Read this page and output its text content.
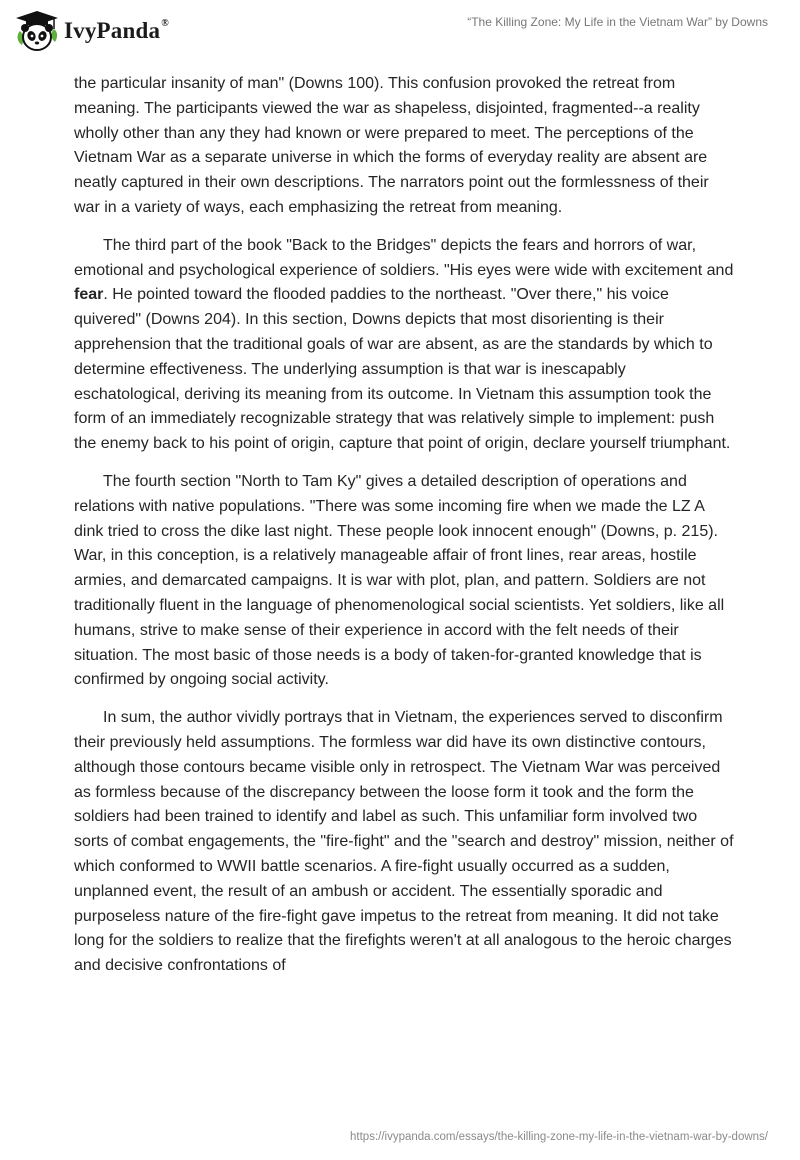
IvyPanda®	“The Killing Zone: My Life in the Vietnam War” by Downs

the particular insanity of man" (Downs 100). This confusion provoked the retreat from meaning. The participants viewed the war as shapeless, disjointed, fragmented--a reality wholly other than any they had known or were prepared to meet. The perceptions of the Vietnam War as a separate universe in which the forms of everyday reality are absent are neatly captured in their own descriptions. The narrators point out the formlessness of their war in a variety of ways, each emphasizing the retreat from meaning.

The third part of the book "Back to the Bridges" depicts the fears and horrors of war, emotional and psychological experience of soldiers. "His eyes were wide with excitement and fear. He pointed toward the flooded paddies to the northeast. "Over there," his voice quivered" (Downs 204). In this section, Downs depicts that most disorienting is their apprehension that the traditional goals of war are absent, as are the standards by which to determine effectiveness. The underlying assumption is that war is inescapably eschatological, deriving its meaning from its outcome. In Vietnam this assumption took the form of an immediately recognizable strategy that was relatively simple to implement: push the enemy back to his point of origin, capture that point of origin, declare yourself triumphant.

The fourth section "North to Tam Ky" gives a detailed description of operations and relations with native populations. "There was some incoming fire when we made the LZ A dink tried to cross the dike last night. These people look innocent enough" (Downs, p. 215). War, in this conception, is a relatively manageable affair of front lines, rear areas, hostile armies, and demarcated campaigns. It is war with plot, plan, and pattern. Soldiers are not traditionally fluent in the language of phenomenological social scientists. Yet soldiers, like all humans, strive to make sense of their experience in accord with the felt needs of their situation. The most basic of those needs is a body of taken-for-granted knowledge that is confirmed by ongoing social activity.

In sum, the author vividly portrays that in Vietnam, the experiences served to disconfirm their previously held assumptions. The formless war did have its own distinctive contours, although those contours became visible only in retrospect. The Vietnam War was perceived as formless because of the discrepancy between the loose form it took and the form the soldiers had been trained to identify and label as such. This unfamiliar form involved two sorts of combat engagements, the "fire-fight" and the "search and destroy" mission, neither of which conformed to WWII battle scenarios. A fire-fight usually occurred as a sudden, unplanned event, the result of an ambush or accident. The essentially sporadic and purposeless nature of the fire-fight gave impetus to the retreat from meaning. It did not take long for the soldiers to realize that the firefights weren't at all analogous to the heroic charges and decisive confrontations of

https://ivypanda.com/essays/the-killing-zone-my-life-in-the-vietnam-war-by-downs/
